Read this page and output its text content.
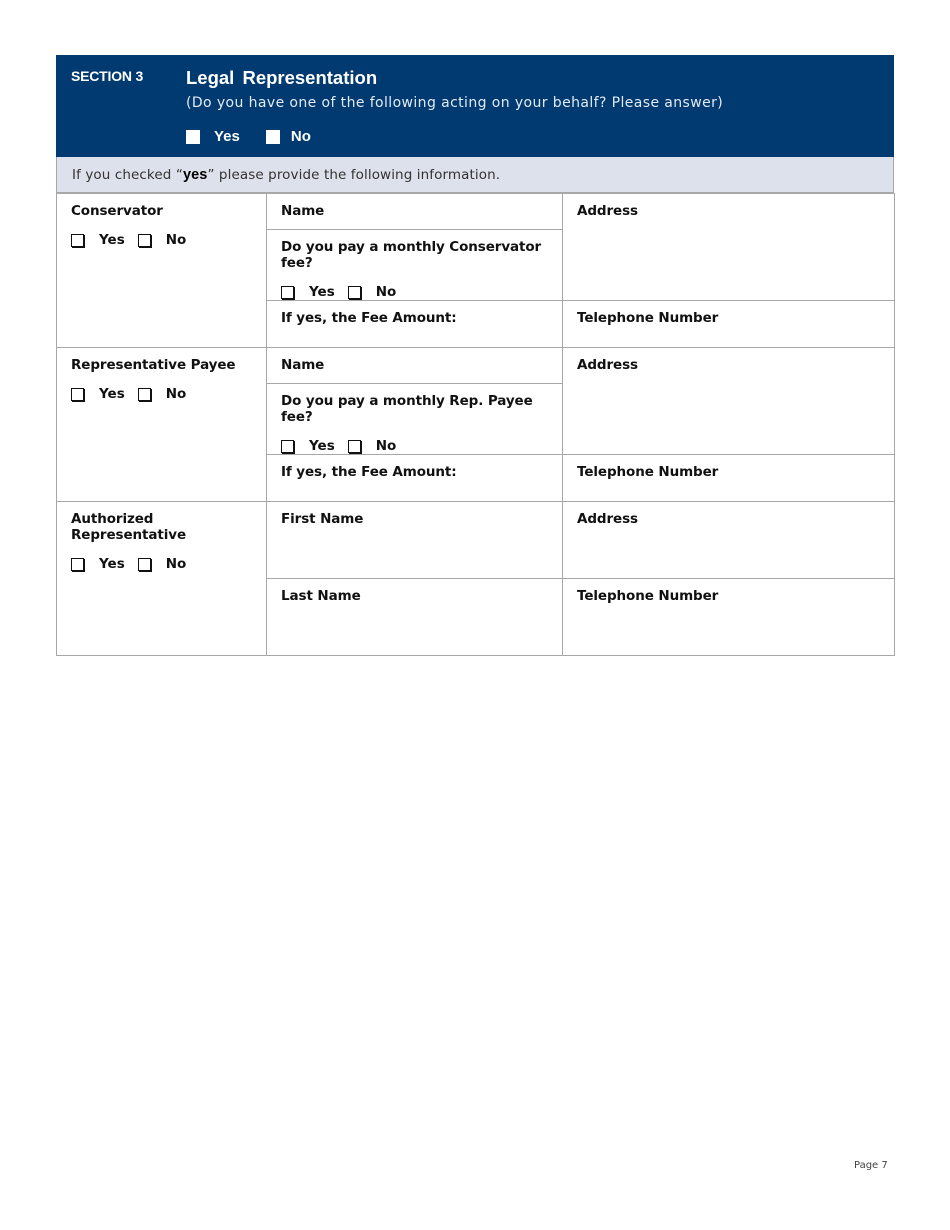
SECTION 3 Legal Representation
(Do you have one of the following acting on your behalf? Please answer)
Yes	No
If you checked “yes” please provide the following information.
Conservator
Yes No	Name	Address

	Do you pay a monthly Conservator fee?
Yes No	

	If yes, the Fee Amount:	Telephone Number

Representative Payee
Yes No	Name	Address

	Do you pay a monthly Rep. Payee fee?
Yes No	

	If yes, the Fee Amount:	Telephone Number

Authorized Representative
Yes No	First Name	Address

	Last Name	Telephone Number
Page 7
